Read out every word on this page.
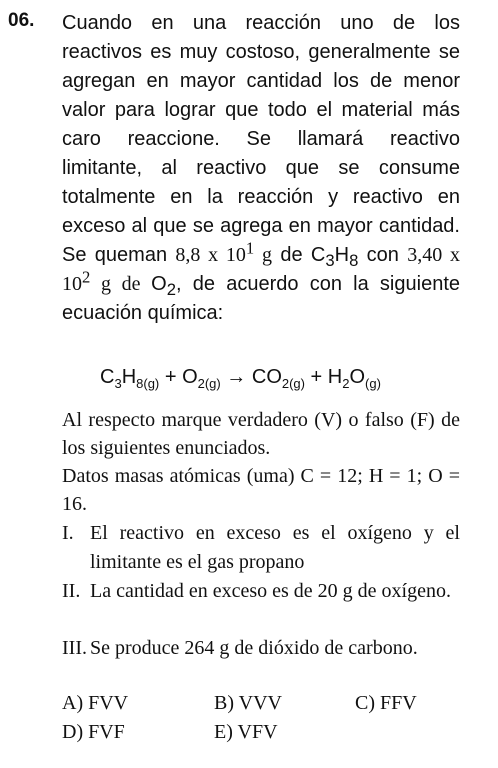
06. Cuando en una reacción uno de los reactivos es muy costoso, generalmente se agregan en mayor cantidad los de menor valor para lograr que todo el material más caro reaccione. Se llamará reactivo limitante, al reactivo que se consume totalmente en la reacción y reactivo en exceso al que se agrega en mayor cantidad. Se queman 8,8 x $10^1$ g de $C_3H_8$ con 3,40 x $10^2$ g de $O_2$, de acuerdo con la siguiente ecuación química:
$C_3H_{8(g)} + O_{2(g)} \to CO_{2(g)} + H_2O_{(g)}$
Al respecto marque verdadero (V) o falso (F) de los siguientes enunciados.
Datos masas atómicas (uma) C = 12; H = 1; O = 16.
I. El reactivo en exceso es el oxígeno y el limitante es el gas propano
II. La cantidad en exceso es de 20 g de oxígeno.
III. Se produce 264 g de dióxido de carbono.
A) FVV	B) VVV	C) FFV
D) FVF	E) VFV
